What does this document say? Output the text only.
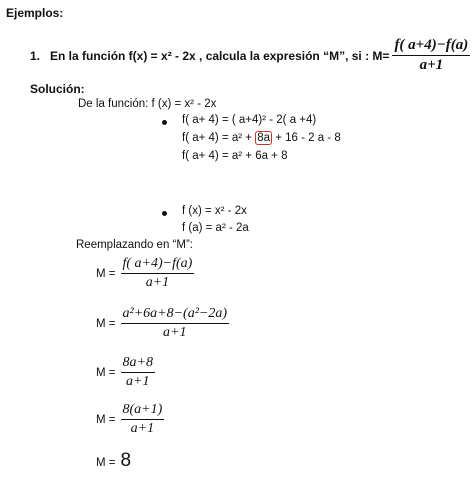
Ejemplos:
1. En la función f(x) = x² - 2x , calcula la expresión “M”, si : $M= \frac{f( a+4)-f(a)}{a+1}$
Solución:
De la función: f (x) = x² - 2x
f( a+ 4) = ( a+4)² - 2( a +4)
f( a+ 4) = a² + 8a + 16 - 2 a - 8
f( a+ 4) = a² + 6a + 8
f (x) = x² - 2x
f (a) = a² - 2a
Reemplazando en “M”:
$M = \frac{f( a+4)-f(a)}{a+1}$
$M = \frac{\text{a²+6a+8−(a²−2a)}}{a+1}$
$M = \frac{8a+8}{a+1}$
$M = \frac{8(a+1)}{a+1}$
M = 8
